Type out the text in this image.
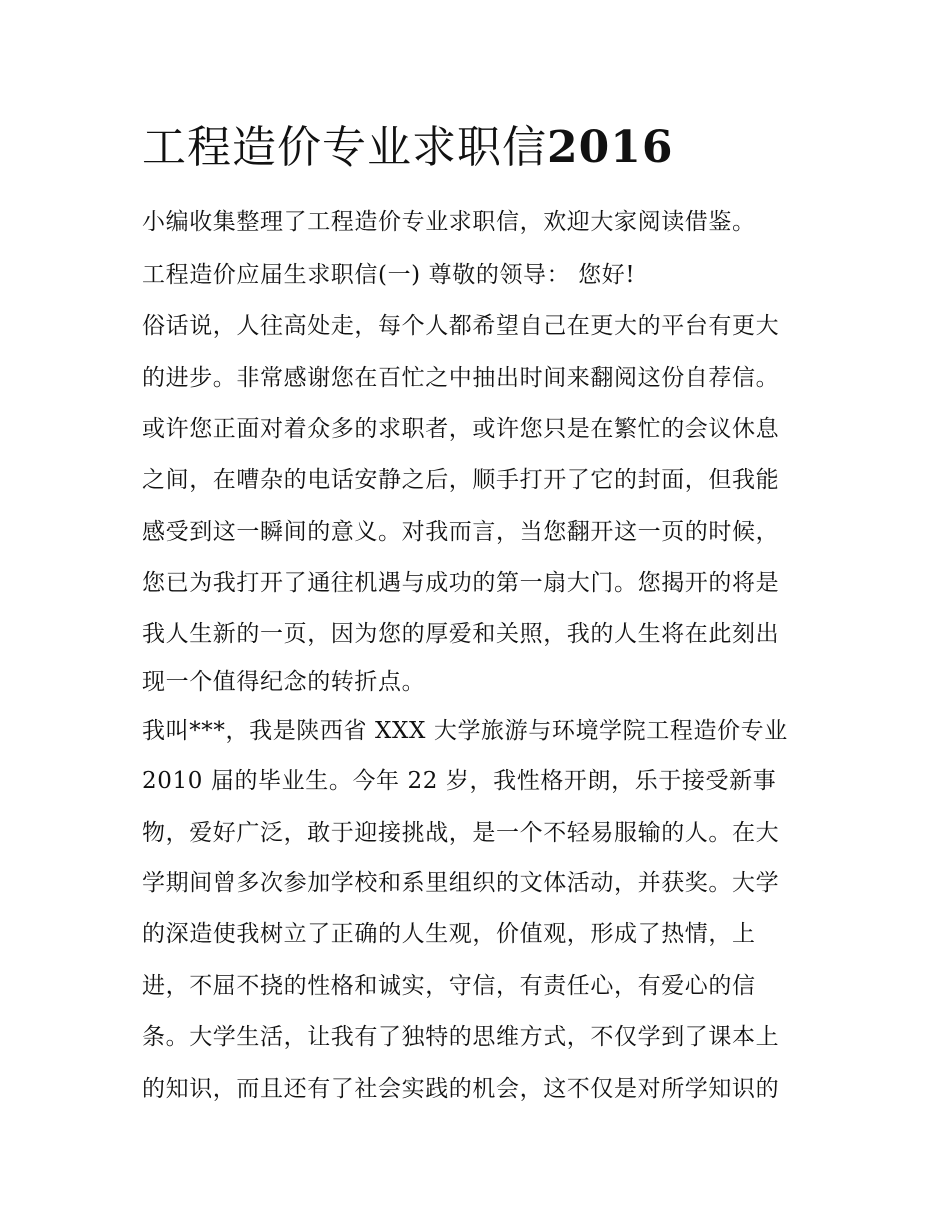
工程造价专业求职信2016

小编收集整理了工程造价专业求职信，欢迎大家阅读借鉴。

工程造价应届生求职信(一) 尊敬的领导： 您好!

俗话说，人往高处走，每个人都希望自己在更大的平台有更大

的进步。非常感谢您在百忙之中抽出时间来翻阅这份自荐信。

或许您正面对着众多的求职者，或许您只是在繁忙的会议休息

之间，在嘈杂的电话安静之后，顺手打开了它的封面，但我能

感受到这一瞬间的意义。对我而言，当您翻开这一页的时候，

您已为我打开了通往机遇与成功的第一扇大门。您揭开的将是

我人生新的一页，因为您的厚爱和关照，我的人生将在此刻出

现一个值得纪念的转折点。

我叫***，我是陕西省 XXX 大学旅游与环境学院工程造价专业

2010 届的毕业生。今年 22 岁，我性格开朗，乐于接受新事

物，爱好广泛，敢于迎接挑战，是一个不轻易服输的人。在大

学期间曾多次参加学校和系里组织的文体活动，并获奖。大学

的深造使我树立了正确的人生观，价值观，形成了热情，上

进，不屈不挠的性格和诚实，守信，有责任心，有爱心的信

条。大学生活，让我有了独特的思维方式，不仅学到了课本上

的知识，而且还有了社会实践的机会，这不仅是对所学知识的
